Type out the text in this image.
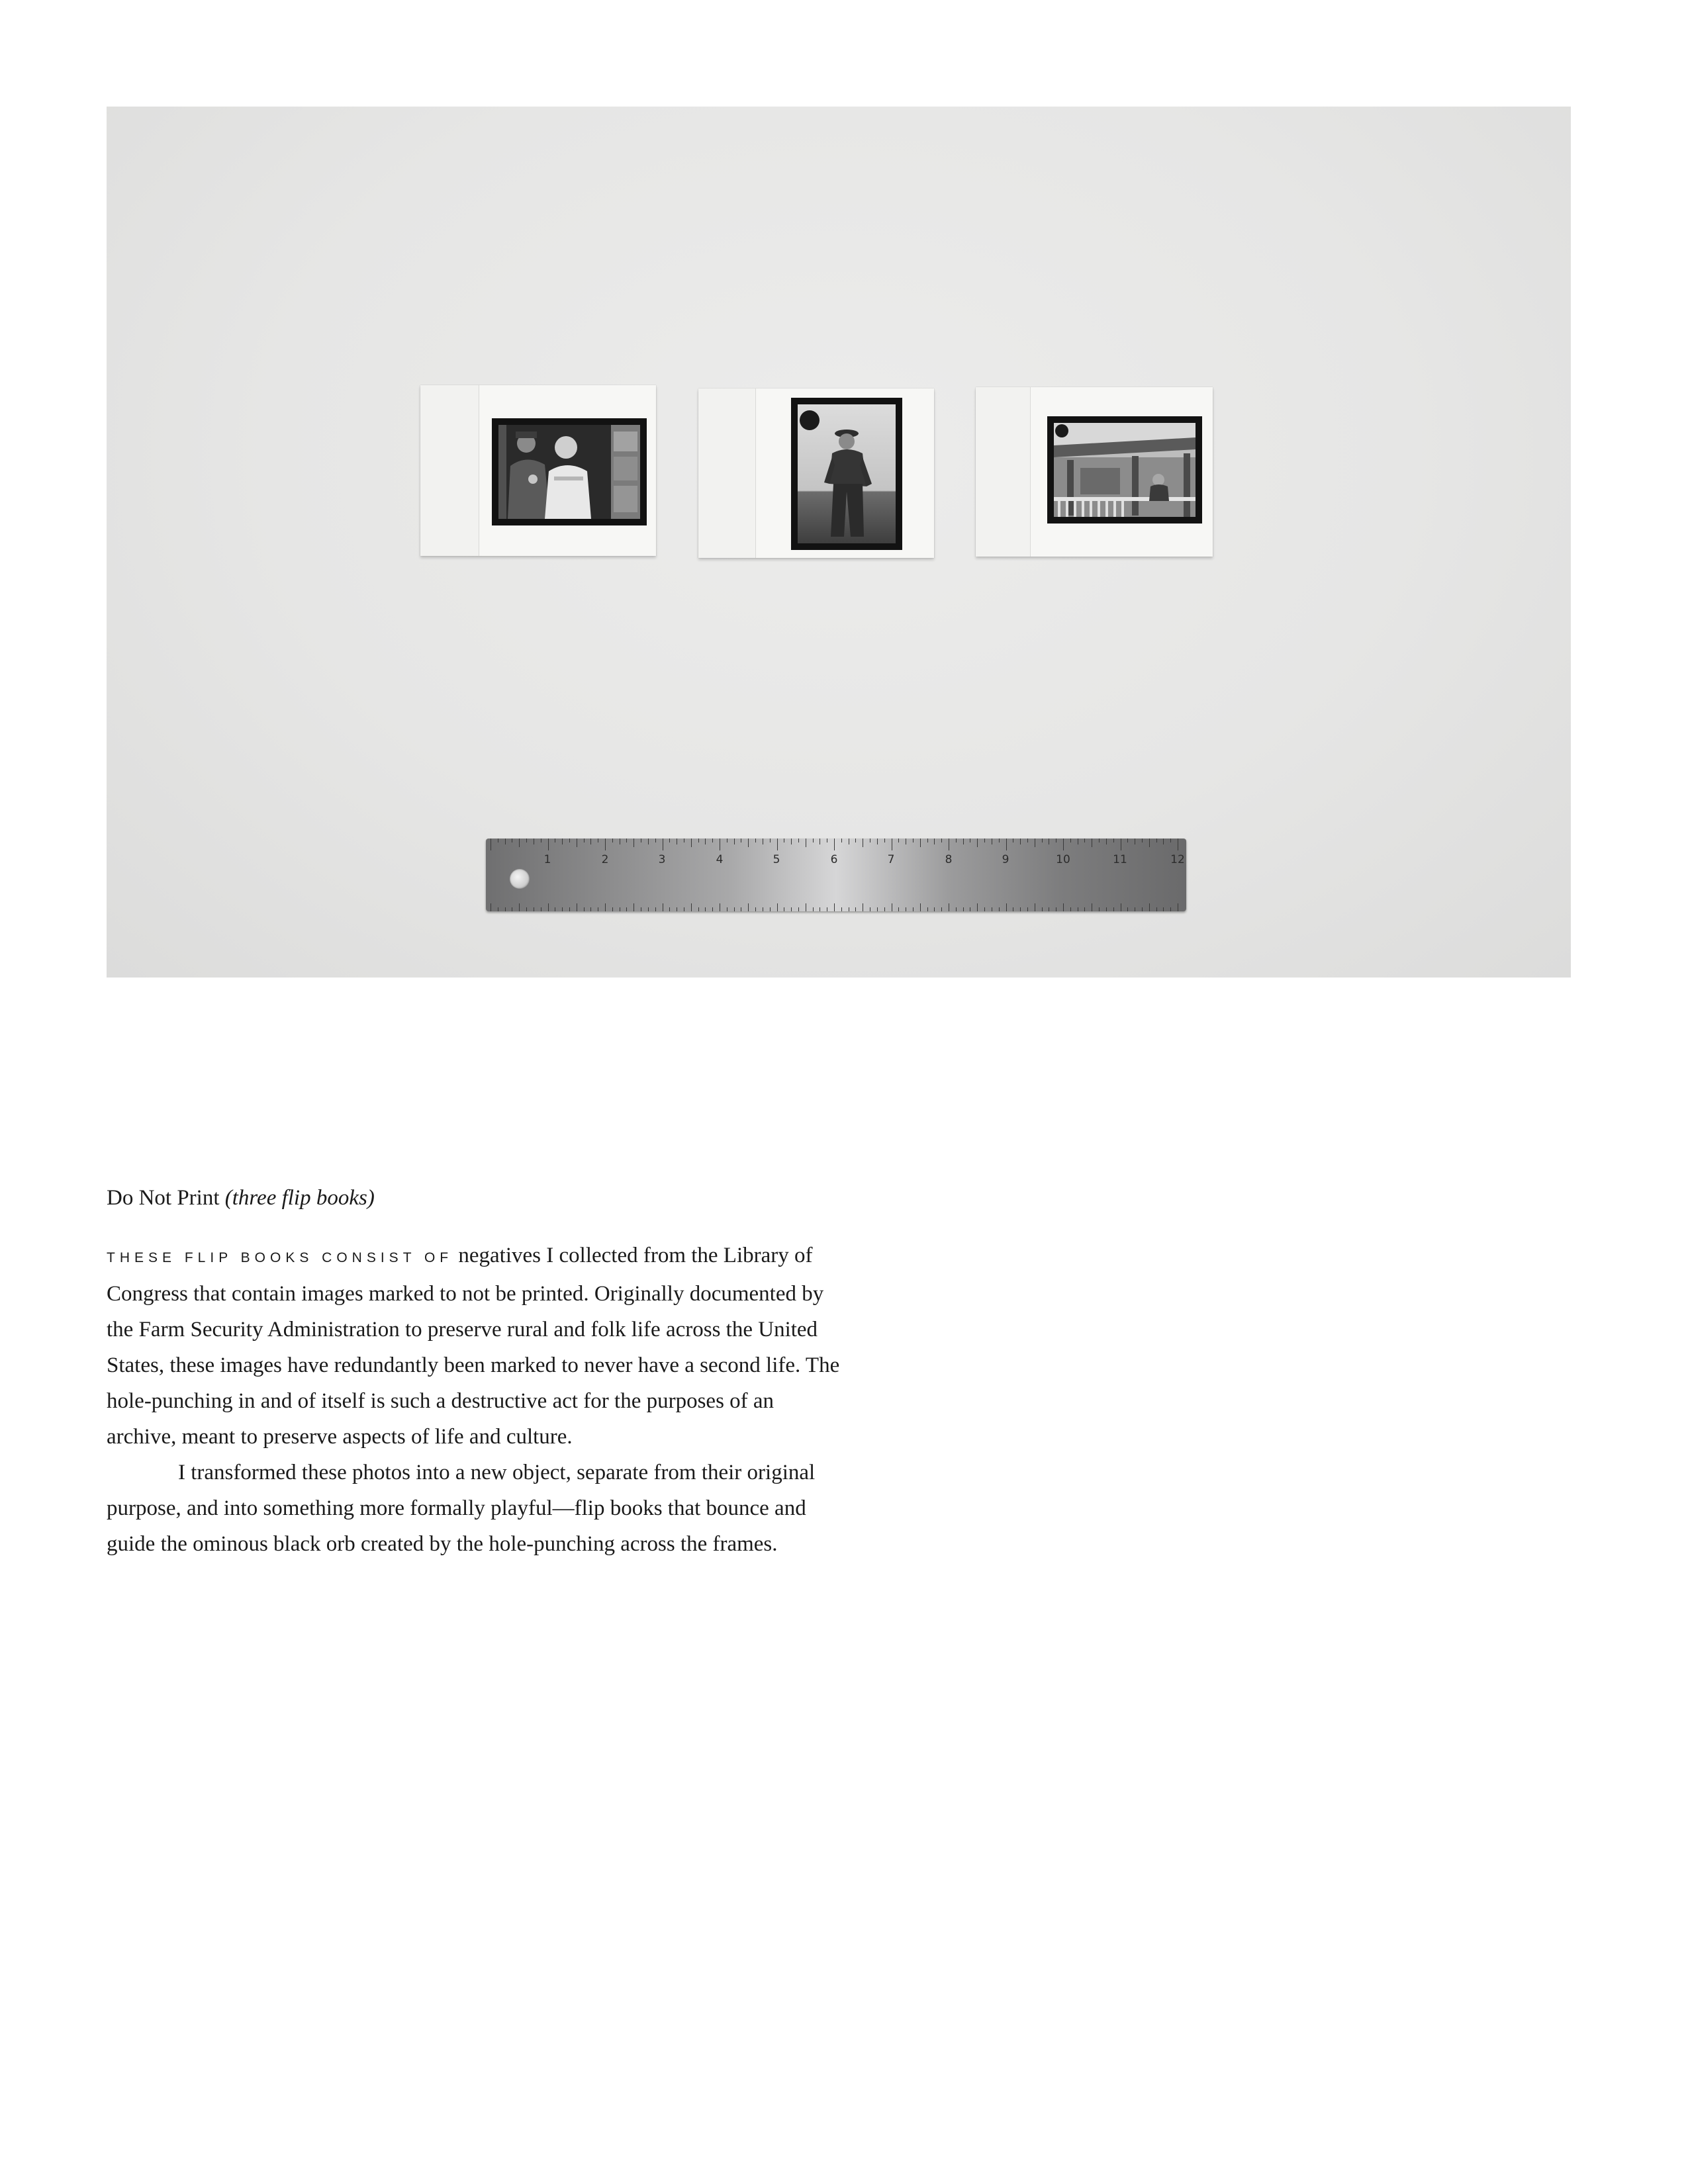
1	2	3	4	5	6	7	8	9	10	11	12
Do Not Print (three flip books)

THESE FLIP BOOKS CONSIST OF negatives I collected from the Library of Congress that contain images marked to not be printed. Originally documented by the Farm Security Administration to preserve rural and folk life across the United States, these images have redundantly been marked to never have a second life. The hole-punching in and of itself is such a destructive act for the purposes of an archive, meant to preserve aspects of life and culture.

I transformed these photos into a new object, separate from their original purpose, and into something more formally playful—flip books that bounce and guide the ominous black orb created by the hole-punching across the frames.
